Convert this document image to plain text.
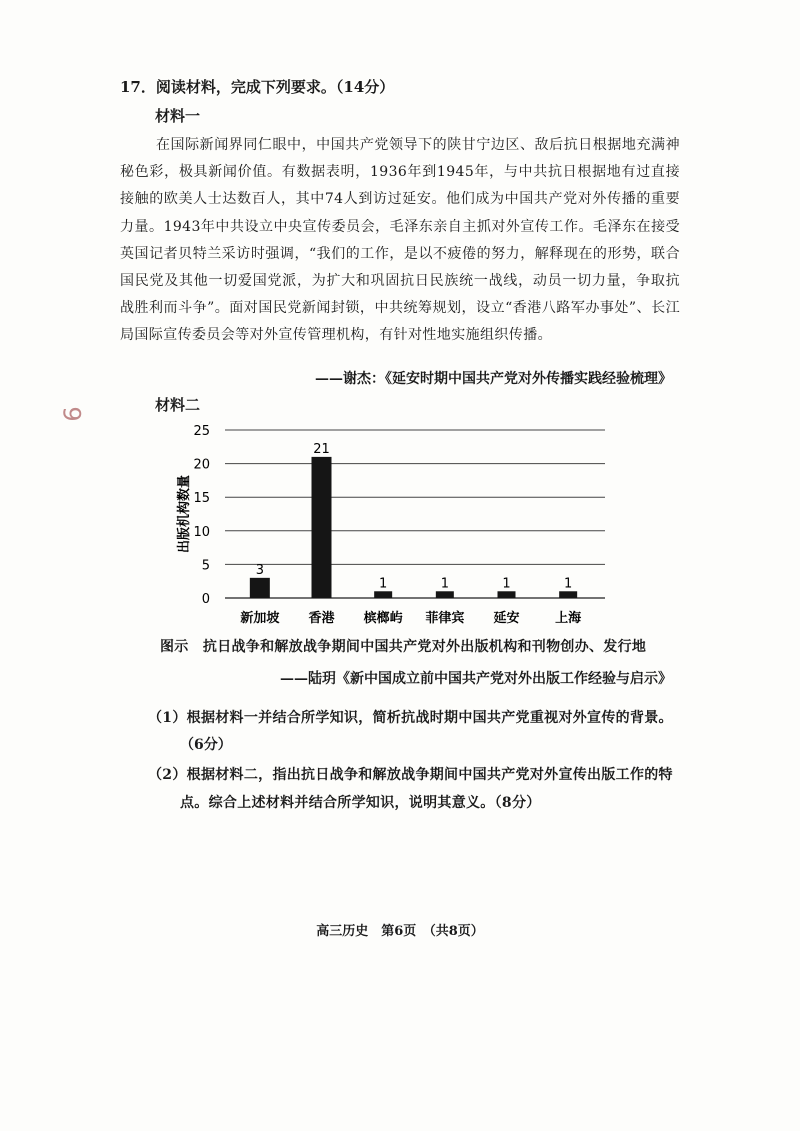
17．阅读材料，完成下列要求。（14分）
材料一
在国际新闻界同仁眼中，中国共产党领导下的陕甘宁边区、敌后抗日根据地充满神秘色彩，极具新闻价值。有数据表明，1936年到1945年，与中共抗日根据地有过直接接触的欧美人士达数百人，其中74人到访过延安。他们成为中国共产党对外传播的重要力量。1943年中共设立中央宣传委员会，毛泽东亲自主抓对外宣传工作。毛泽东在接受英国记者贝特兰采访时强调，“我们的工作，是以不疲倦的努力，解释现在的形势，联合国民党及其他一切爱国党派，为扩大和巩固抗日民族统一战线，动员一切力量，争取抗战胜利而斗争”。面对国民党新闻封锁，中共统筹规划，设立“香港八路军办事处”、长江局国际宣传委员会等对外宣传管理机构，有针对性地实施组织传播。
——谢杰：《延安时期中国共产党对外传播实践经验梳理》
9	材料二
0
5
10
15
20
25
3
新加坡
21
香港
1
槟榔屿
1
菲律宾
1
延安
1
上海
出版机构数量
图示　抗日战争和解放战争期间中国共产党对外出版机构和刊物创办、发行地
——陆玥《新中国成立前中国共产党对外出版工作经验与启示》
（1）根据材料一并结合所学知识，简析抗战时期中国共产党重视对外宣传的背景。
（6分）
（2）根据材料二，指出抗日战争和解放战争期间中国共产党对外宣传出版工作的特
点。综合上述材料并结合所学知识，说明其意义。（8分）
高三历史　第6页　（共8页）
